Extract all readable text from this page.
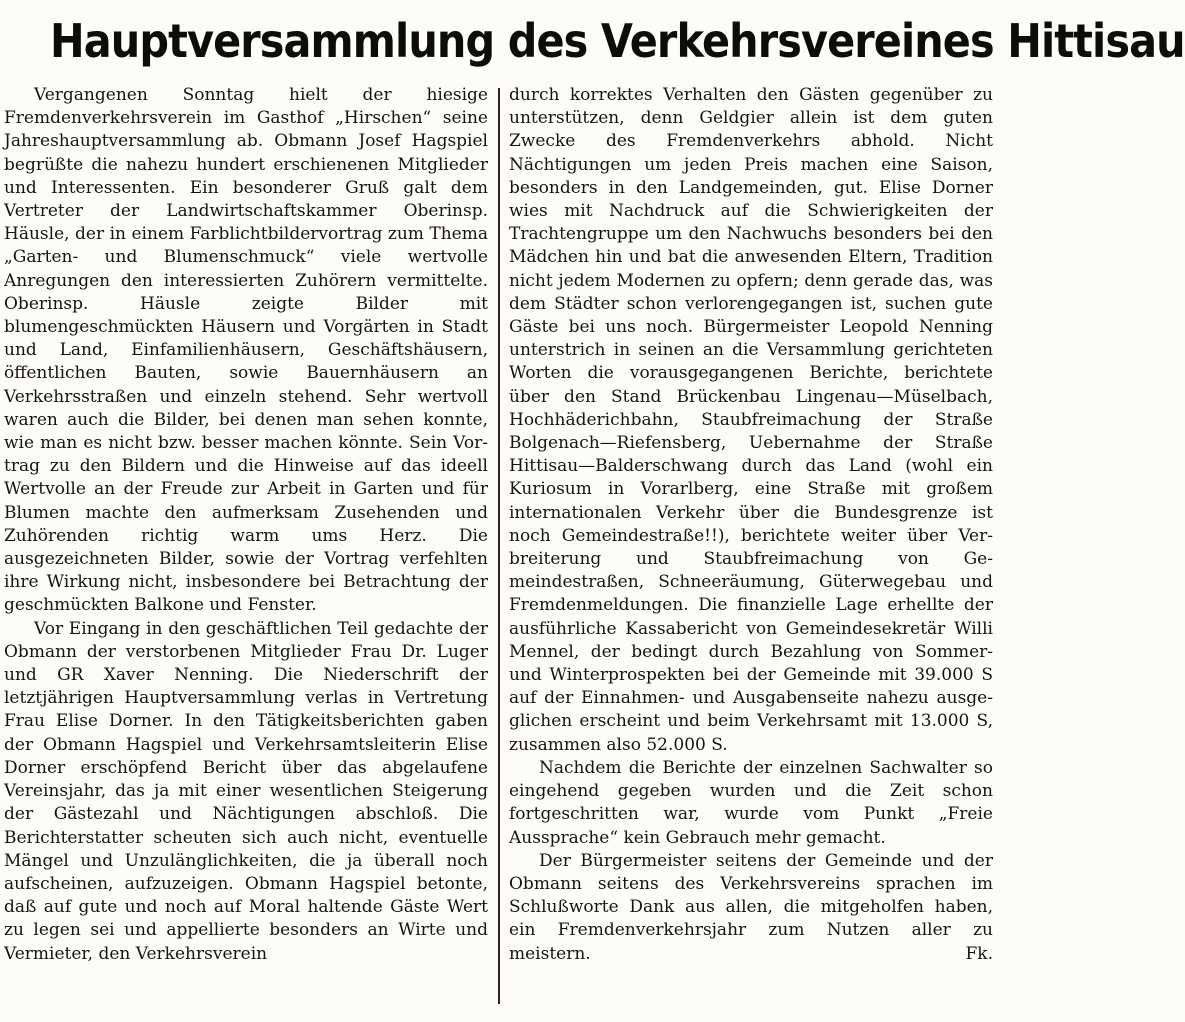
Hauptversammlung des Verkehrsvereines Hittisau

Vergangenen Sonntag hielt der hiesige Fremdenverkehrsverein im Gasthof „Hirschen“ seine Jahreshauptversammlung ab. Obmann Josef Hagspiel begrüßte die nahezu hundert erschienenen Mitglieder und Interessenten. Ein besonderer Gruß galt dem Vertreter der Landwirtschaftskammer Oberinsp. Häusle, der in einem Farblichtbildervortrag zum Thema „Garten- und Blumenschmuck“ viele wertvolle Anregungen den interessierten Zuhörern vermittelte. Oberinsp. Häusle zeigte Bilder mit blumengeschmückten Häusern und Vorgärten in Stadt und Land, Einfamilienhäusern, Geschäftshäusern, öffentlichen Bauten, sowie Bauernhäusern an Verkehrsstraßen und einzeln stehend. Sehr wertvoll waren auch die Bilder, bei denen man sehen konnte, wie man es nicht bzw. besser machen könnte. Sein Vortrag zu den Bildern und die Hinweise auf das ideell Wertvolle an der Freude zur Arbeit in Garten und für Blumen machte den aufmerksam Zusehenden und Zuhörenden richtig warm ums Herz. Die ausgezeichneten Bilder, sowie der Vortrag verfehlten ihre Wirkung nicht, insbesondere bei Betrachtung der geschmückten Balkone und Fenster.

Vor Eingang in den geschäftlichen Teil gedachte der Obmann der verstorbenen Mitglieder Frau Dr. Luger und GR Xaver Nenning. Die Niederschrift der letztjährigen Hauptversammlung verlas in Vertretung Frau Elise Dorner. In den Tätigkeitsberichten gaben der Obmann Hagspiel und Verkehrsamtsleiterin Elise Dorner erschöpfend Bericht über das abgelaufene Vereinsjahr, das ja mit einer wesentlichen Steigerung der Gästezahl und Nächtigungen abschloß. Die Berichterstatter scheuten sich auch nicht, eventuelle Mängel und Unzulänglichkeiten, die ja überall noch aufscheinen, aufzuzeigen. Obmann Hagspiel betonte, daß auf gute und noch auf Moral haltende Gäste Wert zu legen sei und appellierte besonders an Wirte und Vermieter, den Verkehrsverein

durch korrektes Verhalten den Gästen gegenüber zu unterstützen, denn Geldgier allein ist dem guten Zwecke des Fremdenverkehrs abhold. Nicht Nächtigungen um jeden Preis machen eine Saison, besonders in den Landgemeinden, gut. Elise Dorner wies mit Nachdruck auf die Schwierigkeiten der Trachtengruppe um den Nachwuchs besonders bei den Mädchen hin und bat die anwesenden Eltern, Tradition nicht jedem Modernen zu opfern; denn gerade das, was dem Städter schon verlorengegangen ist, suchen gute Gäste bei uns noch. Bürgermeister Leopold Nenning unterstrich in seinen an die Versammlung gerichteten Worten die vorausgegangenen Berichte, berichtete über den Stand Brückenbau Lingenau—Müselbach, Hochhäderichbahn, Staubfreimachung der Straße Bolgenach—Riefensberg, Uebernahme der Straße Hittisau—Balderschwang durch das Land (wohl ein Kuriosum in Vorarlberg, eine Straße mit großem internationalen Verkehr über die Bundesgrenze ist noch Gemeindestraße!!), berichtete weiter über Verbreiterung und Staubfreimachung von Gemeindestraßen, Schneeräumung, Güterwegebau und Fremdenmeldungen. Die finanzielle Lage erhellte der ausführliche Kassabericht von Gemeindesekretär Willi Mennel, der bedingt durch Bezahlung von Sommer- und Winterprospekten bei der Gemeinde mit 39.000 S auf der Einnahmen- und Ausgabenseite nahezu ausgeglichen erscheint und beim Verkehrsamt mit 13.000 S, zusammen also 52.000 S.

Nachdem die Berichte der einzelnen Sachwalter so eingehend gegeben wurden und die Zeit schon fortgeschritten war, wurde vom Punkt „Freie Aussprache“ kein Gebrauch mehr gemacht.

Der Bürgermeister seitens der Gemeinde und der Obmann seitens des Verkehrsvereins sprachen im Schlußworte Dank aus allen, die mitgeholfen haben, ein Fremdenverkehrsjahr zum Nutzen aller zu meistern.	Fk.
